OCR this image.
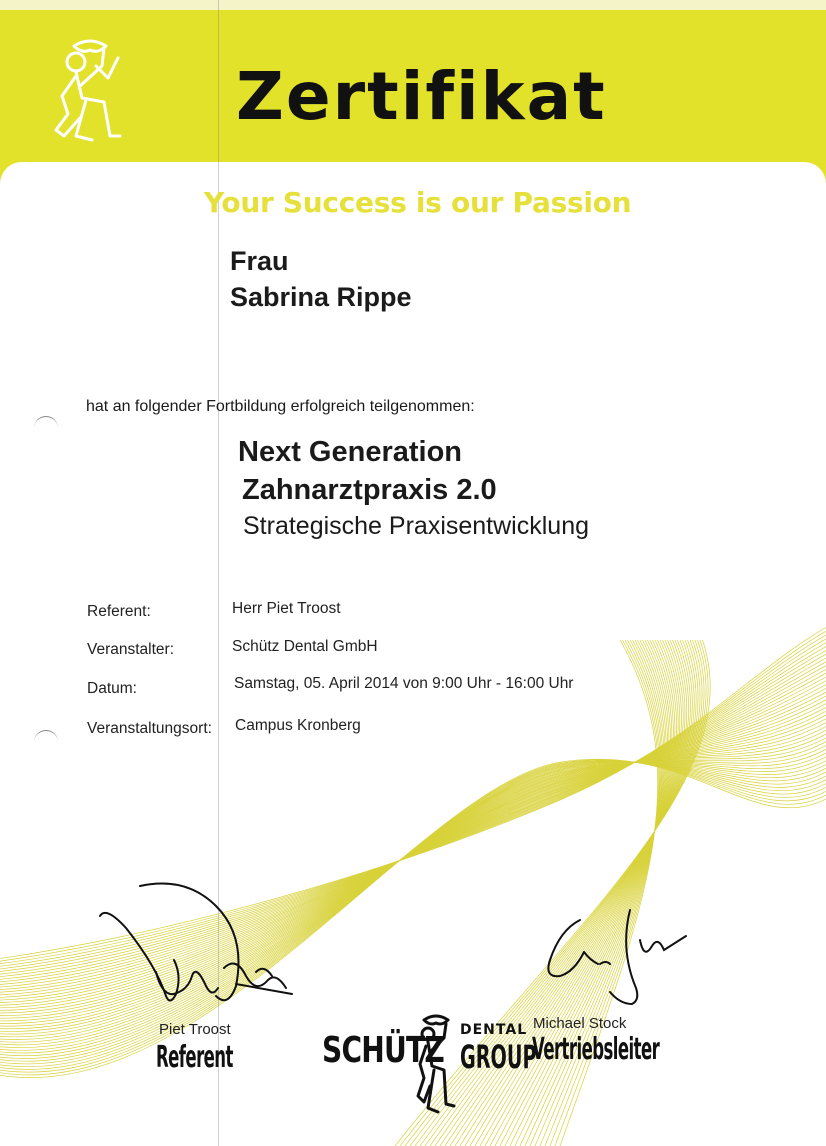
Zertifikat

Your Success is our Passion

Frau

Sabrina Rippe

hat an folgender Fortbildung erfolgreich teilgenommen:

Next Generation

Zahnarztpraxis 2.0

Strategische Praxisentwicklung

Referent:	Herr Piet Troost

Veranstalter:	Schütz Dental GmbH

Datum:	Samstag, 05. April 2014 von 9:00 Uhr - 16:00 Uhr

Veranstaltungsort: Campus Kronberg

Piet Troost

Referent

Michael Stock

Vertriebsleiter

SCHÜTZ DENTAL

GROUP
